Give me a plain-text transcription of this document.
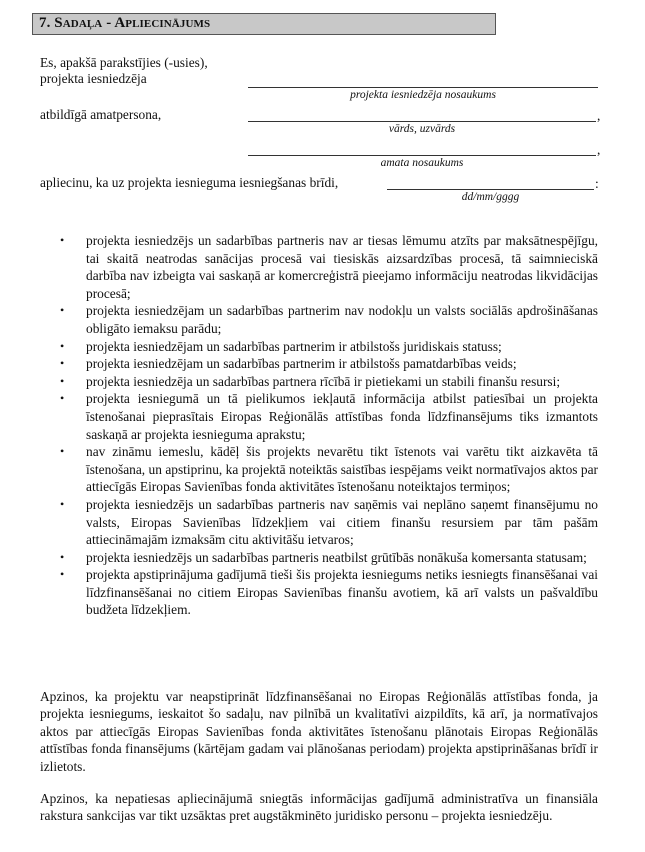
7. Sadaļa - Apliecinājums
Es, apakšā parakstījies (-usies),
projekta iesniedzēja
projekta iesniedzēja nosaukums
atbildīgā amatpersona,	,
vārds, uzvārds
,
amata nosaukums
apliecinu, ka uz projekta iesnieguma iesniegšanas brīdi,	:
dd/mm/gggg
• projekta iesniedzējs un sadarbības partneris nav ar tiesas lēmumu atzīts par maksātnespējīgu, tai skaitā neatrodas sanācijas procesā vai tiesiskās aizsardzības procesā, tā saimnieciskā darbība nav izbeigta vai saskaņā ar komercreģistrā pieejamo informāciju neatrodas likvidācijas procesā;
• projekta iesniedzējam un sadarbības partnerim nav nodokļu un valsts sociālās apdrošināšanas obligāto iemaksu parādu;
• projekta iesniedzējam un sadarbības partnerim ir atbilstošs juridiskais statuss;
• projekta iesniedzējam un sadarbības partnerim ir atbilstošs pamatdarbības veids;
• projekta iesniedzēja un sadarbības partnera rīcībā ir pietiekami un stabili finanšu resursi;
• projekta iesniegumā un tā pielikumos iekļautā informācija atbilst patiesībai un projekta īstenošanai pieprasītais Eiropas Reģionālās attīstības fonda līdzfinansējums tiks izmantots saskaņā ar projekta iesnieguma aprakstu;
• nav zināmu iemeslu, kādēļ šis projekts nevarētu tikt īstenots vai varētu tikt aizkavēta tā īstenošana, un apstiprinu, ka projektā noteiktās saistības iespējams veikt normatīvajos aktos par attiecīgās Eiropas Savienības fonda aktivitātes īstenošanu noteiktajos termiņos;
• projekta iesniedzējs un sadarbības partneris nav saņēmis vai neplāno saņemt finansējumu no valsts, Eiropas Savienības līdzekļiem vai citiem finanšu resursiem par tām pašām attiecināmajām izmaksām citu aktivitāšu ietvaros;
• projekta iesniedzējs un sadarbības partneris neatbilst grūtībās nonākuša komersanta statusam;
• projekta apstiprinājuma gadījumā tieši šis projekta iesniegums netiks iesniegts finansēšanai vai līdzfinansēšanai no citiem Eiropas Savienības finanšu avotiem, kā arī valsts un pašvaldību budžeta līdzekļiem.
Apzinos, ka projektu var neapstiprināt līdzfinansēšanai no Eiropas Reģionālās attīstības fonda, ja projekta iesniegums, ieskaitot šo sadaļu, nav pilnībā un kvalitatīvi aizpildīts, kā arī, ja normatīvajos aktos par attiecīgās Eiropas Savienības fonda aktivitātes īstenošanu plānotais Eiropas Reģionālās attīstības fonda finansējums (kārtējam gadam vai plānošanas periodam) projekta apstiprināšanas brīdī ir izlietots.
Apzinos, ka nepatiesas apliecinājumā sniegtās informācijas gadījumā administratīva un finansiāla rakstura sankcijas var tikt uzsāktas pret augstākminēto juridisko personu – projekta iesniedzēju.
